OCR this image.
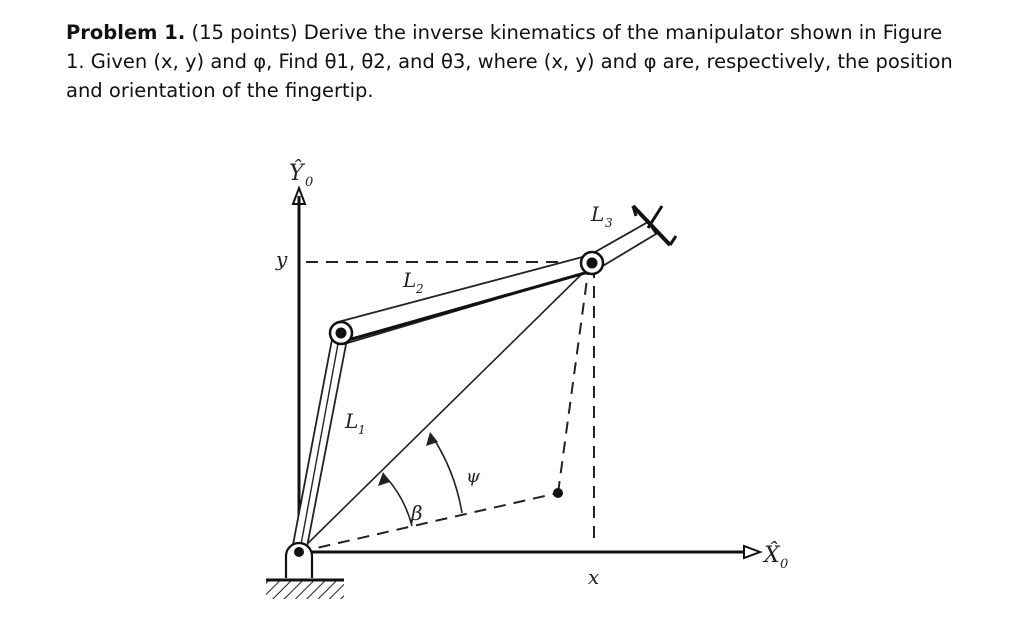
Problem 1. (15 points) Derive the inverse kinematics of the manipulator shown in Figure 1. Given (x, y) and φ, Find θ1, θ2, and θ3, where (x, y) and φ are, respectively, the position and orientation of the fingertip.
Ŷ 0
X̂ 0
y
x
β
ψ
L 1
L 2
L 3
